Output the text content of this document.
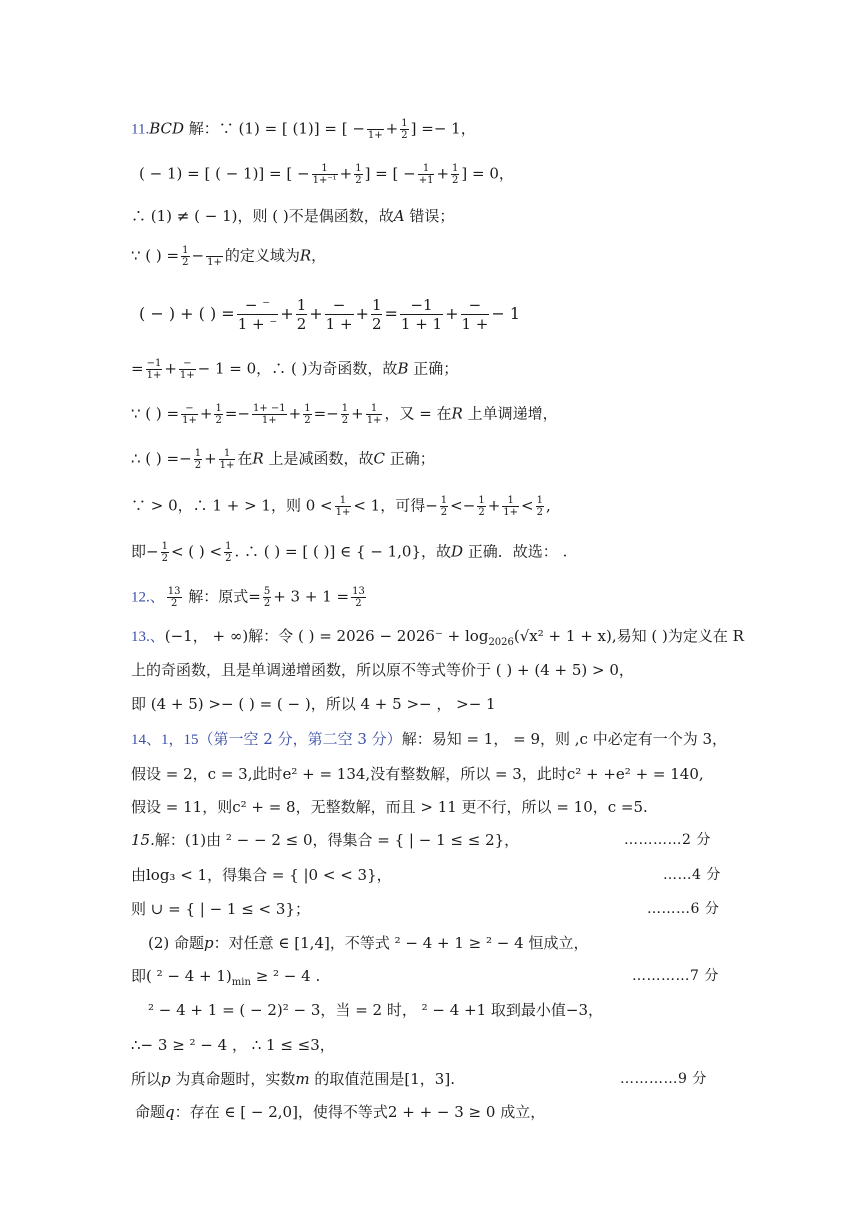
11.BCD 解：∵ (1) = [ (1)] = [ −
$1+ + \frac{1}{2}$ ] =− 1，
( − 1) = [ ( − 1)] = [ − $\frac{1}{\text{1+⁻¹}} + \frac{1}{2}$ ] = [ − $\frac{1}{+1} + \frac{1}{2}$ ] = 0，
∴ (1) ≠ ( − 1)，则 ( )不是偶函数，故A 错误；
∵ ( ) = $\frac{1}{2}$ −
1+ 的定义域为R，
( − ) + ( ) = $\frac{- ^-}{1 + ^-} + \frac{1}{2} + \frac{-}{1 +} + \frac{1}{2} = \frac{-1}{1 + 1} + \frac{-}{1 +} - 1$
= $\frac{-1}{1+} + \frac{-}{1+} - 1 = 0$，∴ ( )为奇函数，故B 正确；
∵ ( ) = $\frac{-}{1+} + \frac{1}{2} =- \frac{1+ -1}{1+} + \frac{1}{2} =- \frac{1}{2} + \frac{1}{1+}$ ，又 = 在R 上单调递增，
∴ ( ) =− $\frac{1}{2} + \frac{1}{1+}$ 在R 上是减函数，故C 正确；
∵ > 0，∴ 1 + > 1，则 $0 < \frac{1}{1+} < 1$，可得− $\frac{1}{2} <- \frac{1}{2} + \frac{1}{1+} < \frac{1}{2}$ ,
即− $\frac{1}{2}$ < ( ) < $\frac{1}{2}$ . ∴ ( ) = [ ( )] ∈ { − 1,0}，故D 正确．故选： .
12.、 $\frac{13}{2}$ 解：原式= $\frac{5}{2} + 3 + 1 = \frac{13}{2}$
13.、(−1， + ∞)解：令 ( ) = $2026 - 2026^- + \log_{2026}(√x^2 + 1 + x)$,易知 ( )为定义在 R
上的奇函数，且是单调递增函数，所以原不等式等价于 ( ) + (4 + 5) > 0，
即 (4 + 5) >− ( ) = ( − )，所以 4 + 5 >− ， >− 1
14、1，15（第一空 2 分，第二空 3 分）解：易知 = 1， = 9，则 ,c 中必定有一个为 3，
假设 = 2，c = 3,此时e² + = 134,没有整数解，所以 = 3，此时c² + +e² + = 140,
假设 = 11，则c² + = 8，无整数解，而且 > 11 更不行，所以 = 10，c =5.
15.解：(1)由 ² − − 2 ≤ 0，得集合 = { | − 1 ≤ ≤ 2}，	…………2 分
由log₃ < 1，得集合 = { |0 < < 3}，	……4 分
则 ∪ = { | − 1 ≤ < 3}；	………6 分
(2) 命题p：对任意 ∈ [1,4]，不等式 ² − 4 + 1 ≥ ² − 4 恒成立，
即( $^2 - 4 + 1)_{min} \ge ^2 - 4$ .	…………7 分
² − 4 + 1 = ( − 2)² − 3，当 = 2 时， ² − 4 +1 取到最小值−3，
∴− 3 ≥ ² − 4 ， ∴ 1 ≤ ≤3，
所以p 为真命题时，实数m 的取值范围是[1，3].	…………9 分
命题q：存在 ∈ [ − 2,0]，使得不等式2 + + − 3 ≥ 0 成立，
